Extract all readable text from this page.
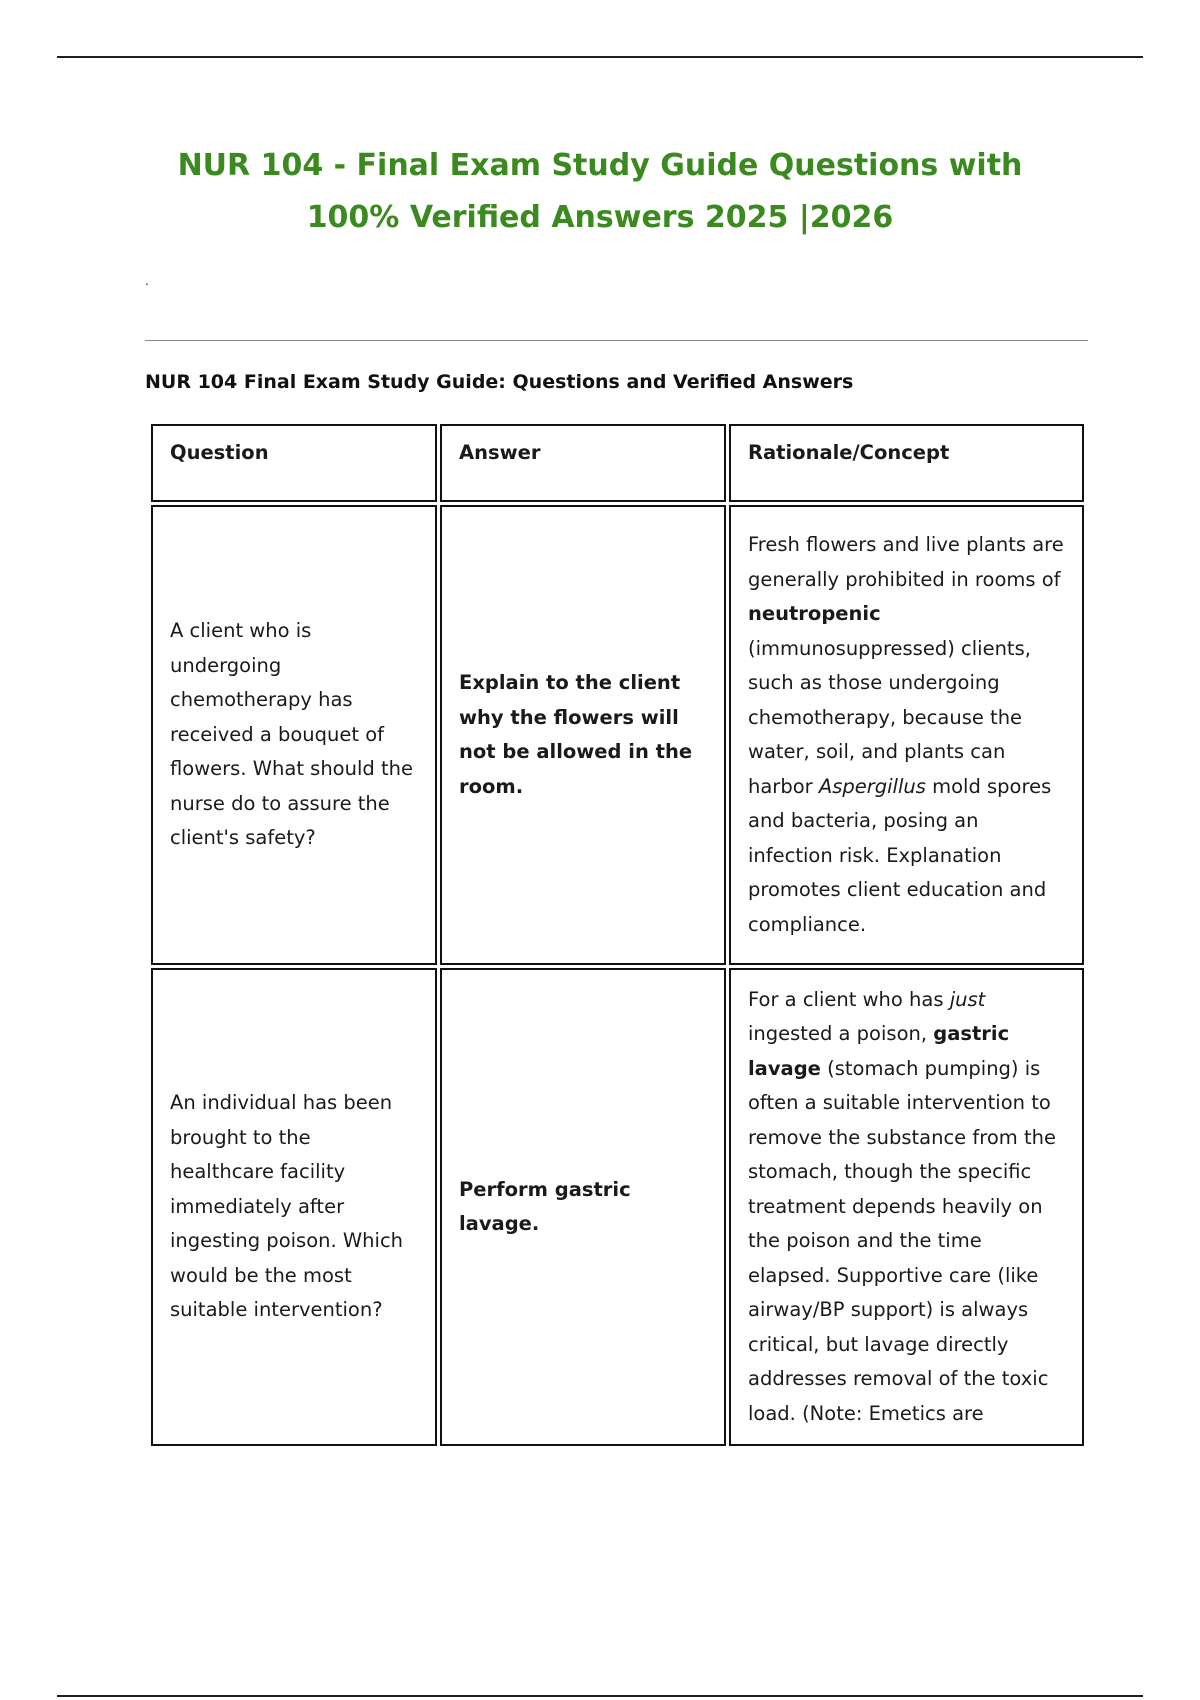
NUR 104 - Final Exam Study Guide Questions with
100% Verified Answers 2025 |2026
.
NUR 104 Final Exam Study Guide: Questions and Verified Answers
Question	Answer	Rationale/Concept
A client who is undergoing chemotherapy has received a bouquet of flowers. What should the nurse do to assure the client's safety?	Explain to the client why the flowers will not be allowed in the room.	Fresh flowers and live plants are generally prohibited in rooms of neutropenic (immunosuppressed) clients, such as those undergoing chemotherapy, because the water, soil, and plants can harbor Aspergillus mold spores and bacteria, posing an infection risk. Explanation promotes client education and compliance.
An individual has been brought to the healthcare facility immediately after ingesting poison. Which would be the most suitable intervention?	Perform gastric lavage.	For a client who has just ingested a poison, gastric lavage (stomach pumping) is often a suitable intervention to remove the substance from the stomach, though the specific treatment depends heavily on the poison and the time elapsed. Supportive care (like airway/BP support) is always critical, but lavage directly addresses removal of the toxic load. (Note: Emetics are
